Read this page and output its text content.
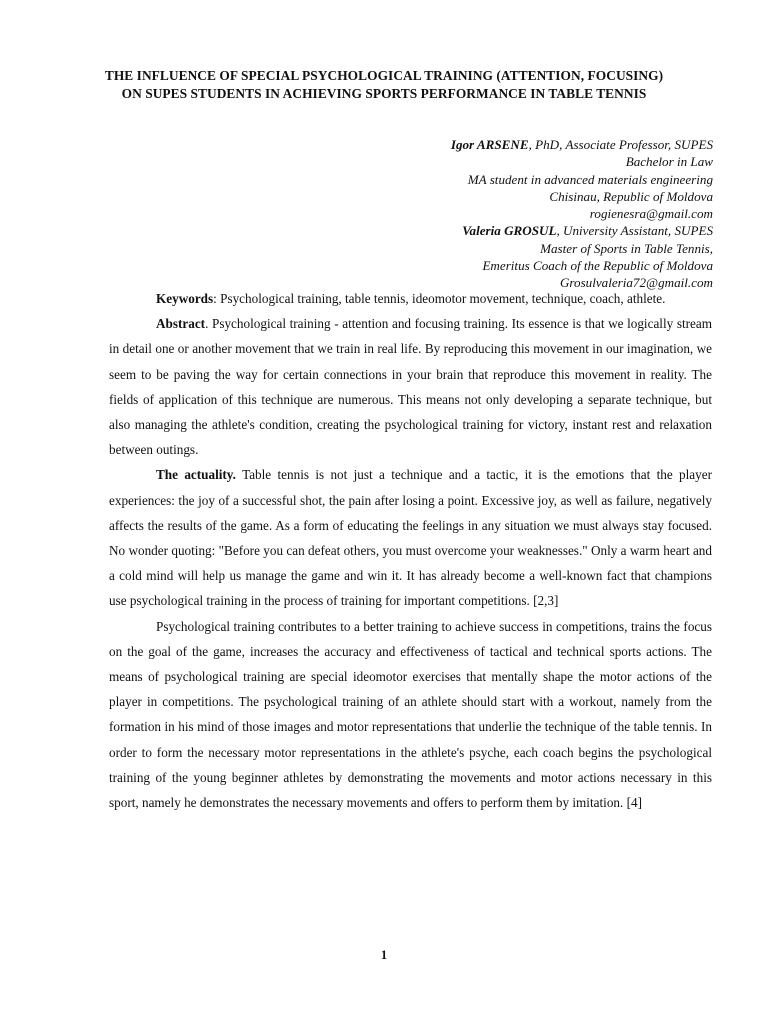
THE INFLUENCE OF SPECIAL PSYCHOLOGICAL TRAINING (ATTENTION, FOCUSING) ON SUPES STUDENTS IN ACHIEVING SPORTS PERFORMANCE IN TABLE TENNIS
Igor ARSENE, PhD, Associate Professor, SUPES
Bachelor in Law
MA student in advanced materials engineering
Chisinau, Republic of Moldova
rogienesra@gmail.com
Valeria GROSUL, University Assistant, SUPES
Master of Sports in Table Tennis,
Emeritus Coach of the Republic of Moldova
Grosulvaleria72@gmail.com

Keywords: Psychological training, table tennis, ideomotor movement, technique, coach, athlete.

Abstract. Psychological training - attention and focusing training. Its essence is that we logically stream in detail one or another movement that we train in real life. By reproducing this movement in our imagination, we seem to be paving the way for certain connections in your brain that reproduce this movement in reality. The fields of application of this technique are numerous. This means not only developing a separate technique, but also managing the athlete's condition, creating the psychological training for victory, instant rest and relaxation between outings.

The actuality. Table tennis is not just a technique and a tactic, it is the emotions that the player experiences: the joy of a successful shot, the pain after losing a point. Excessive joy, as well as failure, negatively affects the results of the game. As a form of educating the feelings in any situation we must always stay focused. No wonder quoting: "Before you can defeat others, you must overcome your weaknesses." Only a warm heart and a cold mind will help us manage the game and win it. It has already become a well-known fact that champions use psychological training in the process of training for important competitions. [2,3]

Psychological training contributes to a better training to achieve success in competitions, trains the focus on the goal of the game, increases the accuracy and effectiveness of tactical and technical sports actions. The means of psychological training are special ideomotor exercises that mentally shape the motor actions of the player in competitions. The psychological training of an athlete should start with a workout, namely from the formation in his mind of those images and motor representations that underlie the technique of the table tennis. In order to form the necessary motor representations in the athlete's psyche, each coach begins the psychological training of the young beginner athletes by demonstrating the movements and motor actions necessary in this sport, namely he demonstrates the necessary movements and offers to perform them by imitation. [4]

1
